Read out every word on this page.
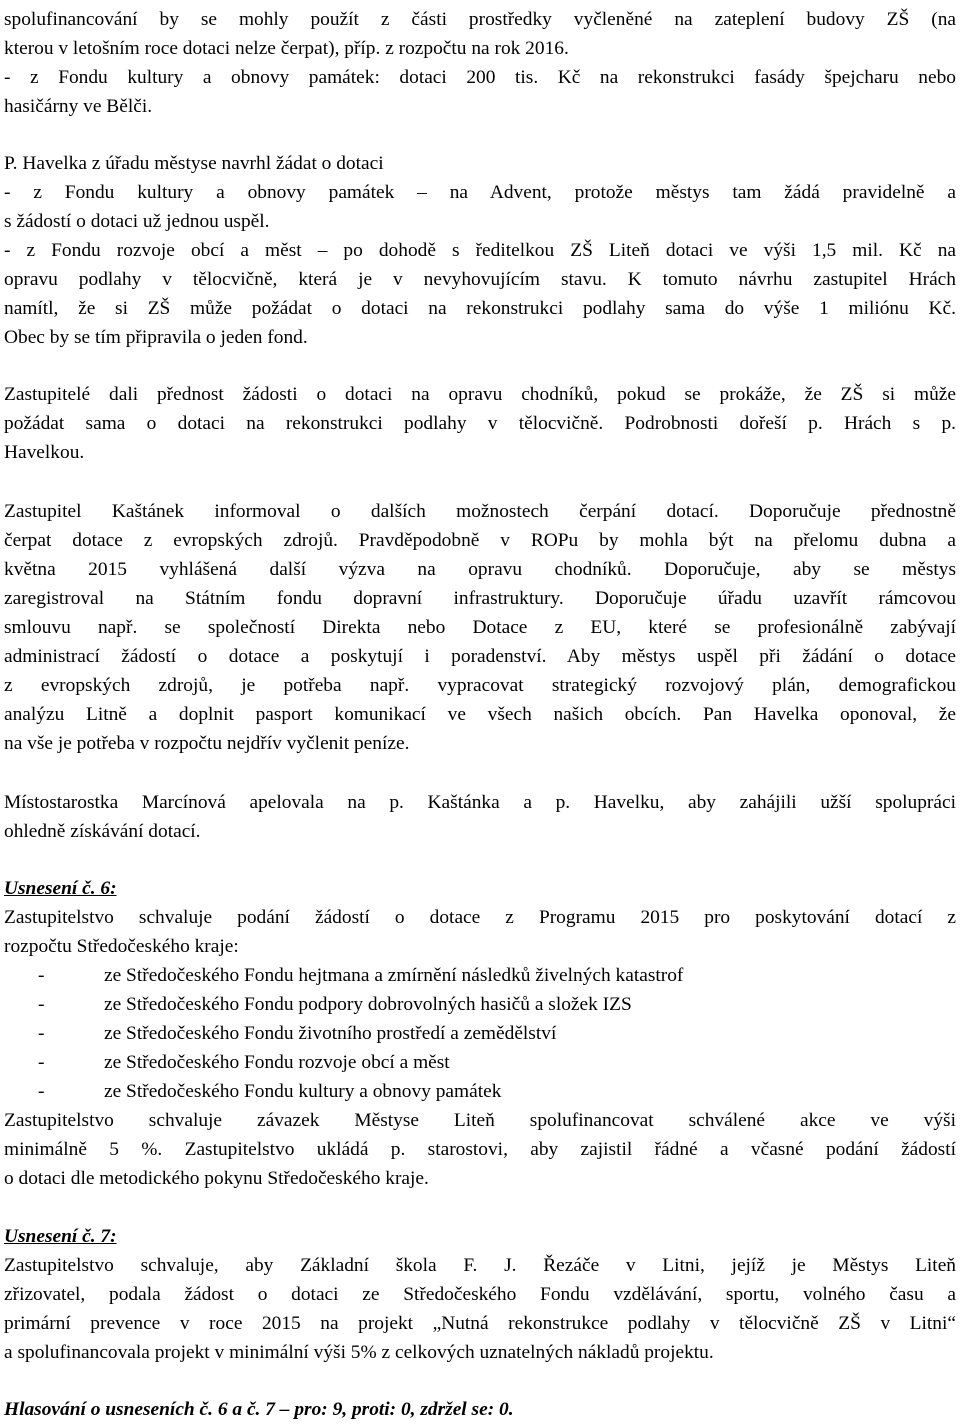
spolufinancování by se mohly použít z části prostředky vyčleněné na zateplení budovy ZŠ (na
kterou v letošním roce dotaci nelze čerpat), příp. z rozpočtu na rok 2016.
- z Fondu kultury a obnovy památek: dotaci 200 tis. Kč na rekonstrukci fasády špejcharu nebo
hasičárny ve Bělči.
P. Havelka z úřadu městyse navrhl žádat o dotaci
- z Fondu kultury a obnovy památek – na Advent, protože městys tam žádá pravidelně a
s žádostí o dotaci už jednou uspěl.
- z Fondu rozvoje obcí a měst – po dohodě s ředitelkou ZŠ Liteň dotaci ve výši 1,5 mil. Kč na
opravu podlahy v tělocvičně, která je v nevyhovujícím stavu. K tomuto návrhu zastupitel Hrách
namítl, že si ZŠ může požádat o dotaci na rekonstrukci podlahy sama do výše 1 miliónu Kč.
Obec by se tím připravila o jeden fond.
Zastupitelé dali přednost žádosti o dotaci na opravu chodníků, pokud se prokáže, že ZŠ si může
požádat sama o dotaci na rekonstrukci podlahy v tělocvičně. Podrobnosti dořeší p. Hrách s p.
Havelkou.
Zastupitel Kaštánek informoval o dalších možnostech čerpání dotací. Doporučuje přednostně
čerpat dotace z evropských zdrojů. Pravděpodobně v ROPu by mohla být na přelomu dubna a
května 2015 vyhlášená další výzva na opravu chodníků. Doporučuje, aby se městys
zaregistroval na Státním fondu dopravní infrastruktury. Doporučuje úřadu uzavřít rámcovou
smlouvu např. se společností Direkta nebo Dotace z EU, které se profesionálně zabývají
administrací žádostí o dotace a poskytují i poradenství. Aby městys uspěl při žádání o dotace
z evropských zdrojů, je potřeba např. vypracovat strategický rozvojový plán, demografickou
analýzu Litně a doplnit pasport komunikací ve všech našich obcích. Pan Havelka oponoval, že
na vše je potřeba v rozpočtu nejdřív vyčlenit peníze.
Místostarostka Marcínová apelovala na p. Kaštánka a p. Havelku, aby zahájili užší spolupráci
ohledně získávání dotací.
Usnesení č. 6:
Zastupitelstvo schvaluje podání žádostí o dotace z Programu 2015 pro poskytování dotací z
rozpočtu Středočeského kraje:
-	ze Středočeského Fondu hejtmana a zmírnění následků živelných katastrof
-	ze Středočeského Fondu podpory dobrovolných hasičů a složek IZS
-	ze Středočeského Fondu životního prostředí a zemědělství
-	ze Středočeského Fondu rozvoje obcí a měst
-	ze Středočeského Fondu kultury a obnovy památek
Zastupitelstvo schvaluje závazek Městyse Liteň spolufinancovat schválené akce ve výši
minimálně 5 %. Zastupitelstvo ukládá p. starostovi, aby zajistil řádné a včasné podání žádostí
o dotaci dle metodického pokynu Středočeského kraje.
Usnesení č. 7:
Zastupitelstvo schvaluje, aby Základní škola F. J. Řezáče v Litni, jejíž je Městys Liteň
zřizovatel, podala žádost o dotaci ze Středočeského Fondu vzdělávání, sportu, volného času a
primární prevence v roce 2015 na projekt „Nutná rekonstrukce podlahy v tělocvičně ZŠ v Litni“
a spolufinancovala projekt v minimální výši 5% z celkových uznatelných nákladů projektu.
Hlasování o usneseních č. 6 a č. 7 – pro: 9, proti: 0, zdržel se: 0.
